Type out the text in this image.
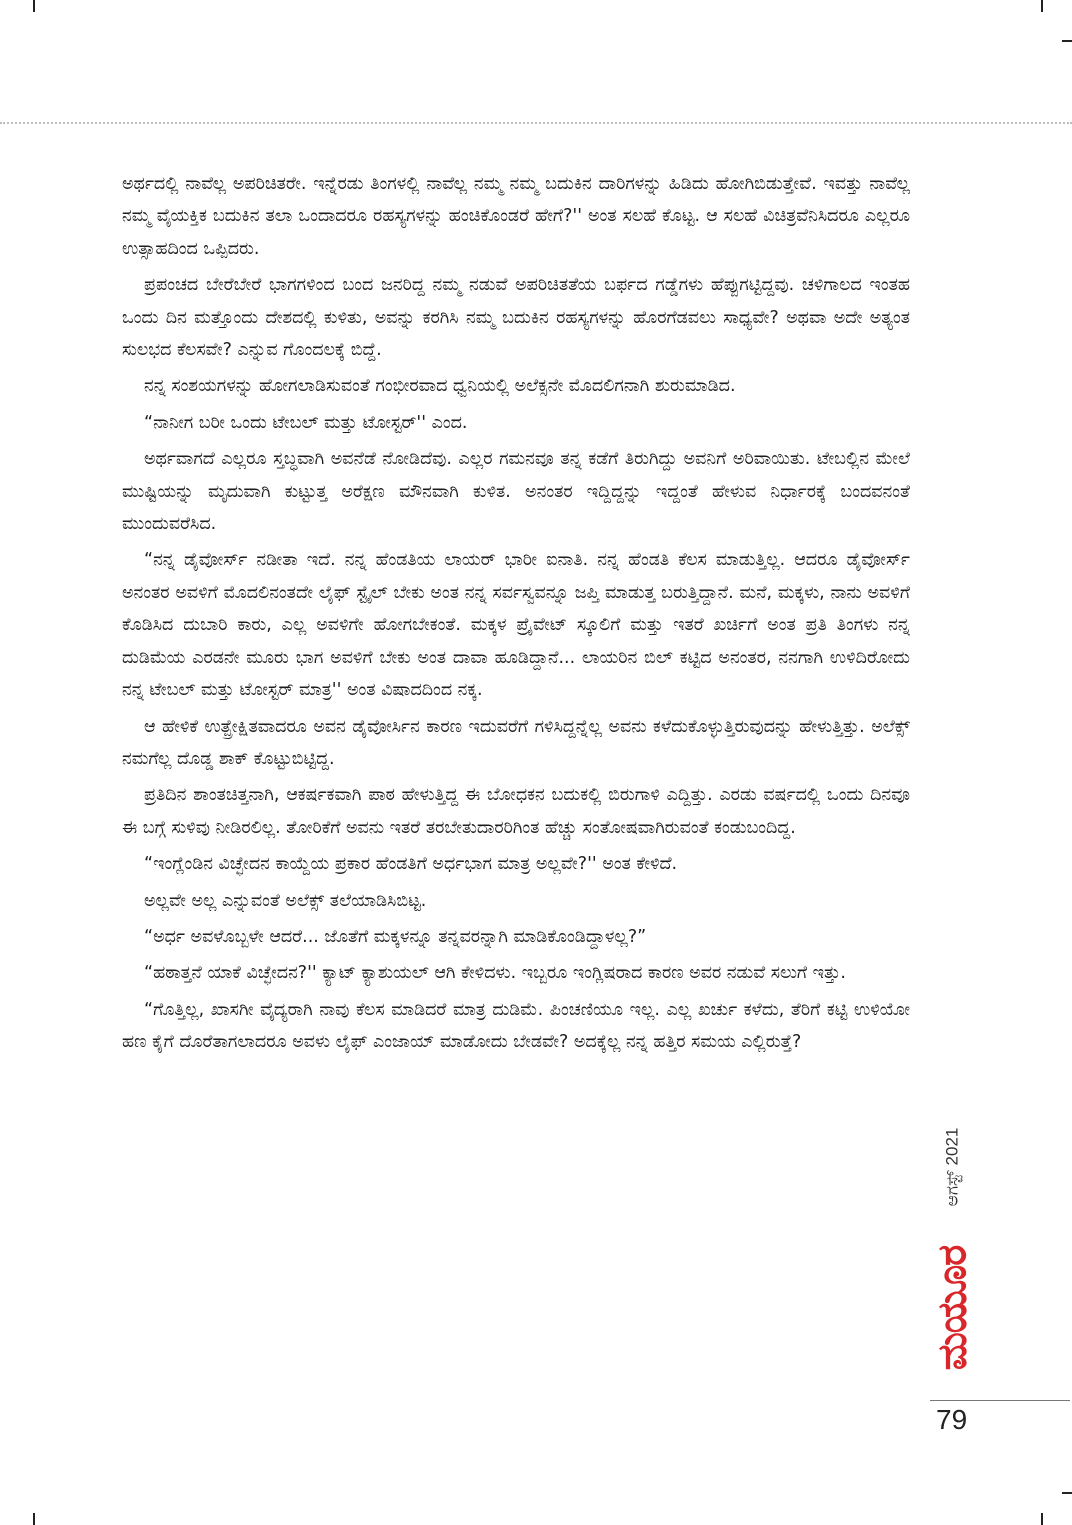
ಅರ್ಥದಲ್ಲಿ ನಾವೆಲ್ಲ ಅಪರಿಚಿತರೇ. ಇನ್ನೆರಡು ತಿಂಗಳಲ್ಲಿ ನಾವೆಲ್ಲ ನಮ್ಮ ನಮ್ಮ ಬದುಕಿನ ದಾರಿಗಳನ್ನು ಹಿಡಿದು ಹೋಗಿಬಿಡುತ್ತೇವೆ. ಇವತ್ತು ನಾವೆಲ್ಲ ನಮ್ಮ ವೈಯಕ್ತಿಕ ಬದುಕಿನ ತಲಾ ಒಂದಾದರೂ ರಹಸ್ಯಗಳನ್ನು ಹಂಚಿಕೊಂಡರೆ ಹೇಗೆ?'' ಅಂತ ಸಲಹೆ ಕೊಟ್ಟ. ಆ ಸಲಹೆ ವಿಚಿತ್ರವೆನಿಸಿದರೂ ಎಲ್ಲರೂ ಉತ್ಸಾಹದಿಂದ ಒಪ್ಪಿದರು.

ಪ್ರಪಂಚದ ಬೇರೆಬೇರೆ ಭಾಗಗಳಿಂದ ಬಂದ ಜನರಿದ್ದ ನಮ್ಮ ನಡುವೆ ಅಪರಿಚಿತತೆಯ ಬರ್ಫದ ಗಡ್ಡೆಗಳು ಹೆಪ್ಪುಗಟ್ಟಿದ್ದವು. ಚಳಿಗಾಲದ ಇಂತಹ ಒಂದು ದಿನ ಮತ್ತೊಂದು ದೇಶದಲ್ಲಿ ಕುಳಿತು, ಅವನ್ನು ಕರಗಿಸಿ ನಮ್ಮ ಬದುಕಿನ ರಹಸ್ಯಗಳನ್ನು ಹೊರಗೆಡವಲು ಸಾಧ್ಯವೇ? ಅಥವಾ ಅದೇ ಅತ್ಯಂತ ಸುಲಭದ ಕೆಲಸವೇ? ಎನ್ನುವ ಗೊಂದಲಕ್ಕೆ ಬಿದ್ದೆ.

ನನ್ನ ಸಂಶಯಗಳನ್ನು ಹೋಗಲಾಡಿಸುವಂತೆ ಗಂಭೀರವಾದ ಧ್ವನಿಯಲ್ಲಿ ಅಲೆಕ್ಸನೇ ಮೊದಲಿಗನಾಗಿ ಶುರುಮಾಡಿದ.

“ನಾನೀಗ ಬರೀ ಒಂದು ಟೇಬಲ್ ಮತ್ತು ಟೋಸ್ಟರ್'' ಎಂದ.

ಅರ್ಥವಾಗದೆ ಎಲ್ಲರೂ ಸ್ತಬ್ಧವಾಗಿ ಅವನೆಡೆ ನೋಡಿದೆವು. ಎಲ್ಲರ ಗಮನವೂ ತನ್ನ ಕಡೆಗೆ ತಿರುಗಿದ್ದು ಅವನಿಗೆ ಅರಿವಾಯಿತು. ಟೇಬಲ್ಲಿನ ಮೇಲೆ ಮುಷ್ಟಿಯನ್ನು ಮೃದುವಾಗಿ ಕುಟ್ಟುತ್ತ ಅರೆಕ್ಷಣ ಮೌನವಾಗಿ ಕುಳಿತ. ಅನಂತರ ಇದ್ದಿದ್ದನ್ನು ಇದ್ದಂತೆ ಹೇಳುವ ನಿರ್ಧಾರಕ್ಕೆ ಬಂದವನಂತೆ ಮುಂದುವರೆಸಿದ.

“ನನ್ನ ಡೈವೋರ್ಸ್ ನಡೀತಾ ಇದೆ. ನನ್ನ ಹೆಂಡತಿಯ ಲಾಯರ್ ಭಾರೀ ಐನಾತಿ. ನನ್ನ ಹೆಂಡತಿ ಕೆಲಸ ಮಾಡುತ್ತಿಲ್ಲ. ಆದರೂ ಡೈವೋರ್ಸ್ ಅನಂತರ ಅವಳಿಗೆ ಮೊದಲಿನಂತದೇ ಲೈಫ್ ಸ್ಟೈಲ್ ಬೇಕು ಅಂತ ನನ್ನ ಸರ್ವಸ್ವವನ್ನೂ ಜಪ್ತಿ ಮಾಡುತ್ತ ಬರುತ್ತಿದ್ದಾನೆ. ಮನೆ, ಮಕ್ಕಳು, ನಾನು ಅವಳಿಗೆ ಕೊಡಿಸಿದ ದುಬಾರಿ ಕಾರು, ಎಲ್ಲ ಅವಳಿಗೇ ಹೋಗಬೇಕಂತೆ. ಮಕ್ಕಳ ಪ್ರೈವೇಟ್ ಸ್ಕೂಲಿಗೆ ಮತ್ತು ಇತರೆ ಖರ್ಚಿಗೆ ಅಂತ ಪ್ರತಿ ತಿಂಗಳು ನನ್ನ ದುಡಿಮೆಯ ಎರಡನೇ ಮೂರು ಭಾಗ ಅವಳಿಗೆ ಬೇಕು ಅಂತ ದಾವಾ ಹೂಡಿದ್ದಾನೆ... ಲಾಯರಿನ ಬಿಲ್ ಕಟ್ಟಿದ ಅನಂತರ, ನನಗಾಗಿ ಉಳಿದಿರೋದು ನನ್ನ ಟೇಬಲ್ ಮತ್ತು ಟೋಸ್ಟರ್ ಮಾತ್ರ'' ಅಂತ ವಿಷಾದದಿಂದ ನಕ್ಕ.

ಆ ಹೇಳಿಕೆ ಉತ್ಪ್ರೇಕ್ಷಿತವಾದರೂ ಅವನ ಡೈವೋರ್ಸಿನ ಕಾರಣ ಇದುವರೆಗೆ ಗಳಿಸಿದ್ದನ್ನೆಲ್ಲ ಅವನು ಕಳೆದುಕೊಳ್ಳುತ್ತಿರುವುದನ್ನು ಹೇಳುತ್ತಿತ್ತು. ಅಲೆಕ್ಸ್ ನಮಗೆಲ್ಲ ದೊಡ್ಡ ಶಾಕ್ ಕೊಟ್ಟುಬಿಟ್ಟಿದ್ದ.

ಪ್ರತಿದಿನ ಶಾಂತಚಿತ್ತನಾಗಿ, ಆಕರ್ಷಕವಾಗಿ ಪಾಠ ಹೇಳುತ್ತಿದ್ದ ಈ ಬೋಧಕನ ಬದುಕಲ್ಲಿ ಬಿರುಗಾಳಿ ಎದ್ದಿತ್ತು. ಎರಡು ವರ್ಷದಲ್ಲಿ ಒಂದು ದಿನವೂ ಈ ಬಗ್ಗೆ ಸುಳಿವು ನೀಡಿರಲಿಲ್ಲ. ತೋರಿಕೆಗೆ ಅವನು ಇತರೆ ತರಬೇತುದಾರರಿಗಿಂತ ಹೆಚ್ಚು ಸಂತೋಷವಾಗಿರುವಂತೆ ಕಂಡುಬಂದಿದ್ದ.

“ಇಂಗ್ಲೆಂಡಿನ ವಿಚ್ಛೇದನ ಕಾಯ್ದೆಯ ಪ್ರಕಾರ ಹೆಂಡತಿಗೆ ಅರ್ಧಭಾಗ ಮಾತ್ರ ಅಲ್ಲವೇ?'' ಅಂತ ಕೇಳಿದೆ.

ಅಲ್ಲವೇ ಅಲ್ಲ ಎನ್ನುವಂತೆ ಅಲೆಕ್ಸ್ ತಲೆಯಾಡಿಸಿಬಿಟ್ಟ.

“ಅರ್ಧ ಅವಳೊಬ್ಬಳೇ ಆದರೆ... ಜೊತೆಗೆ ಮಕ್ಕಳನ್ನೂ ತನ್ನವರನ್ನಾಗಿ ಮಾಡಿಕೊಂಡಿದ್ದಾಳಲ್ಲ?”

“ಹಠಾತ್ತನೆ ಯಾಕೆ ವಿಚ್ಛೇದನ?'' ಕ್ಯಾಟ್ ಕ್ಯಾಶುಯಲ್ ಆಗಿ ಕೇಳಿದಳು. ಇಬ್ಬರೂ ಇಂಗ್ಲಿಷರಾದ ಕಾರಣ ಅವರ ನಡುವೆ ಸಲುಗೆ ಇತ್ತು.

“ಗೊತ್ತಿಲ್ಲ, ಖಾಸಗೀ ವೈದ್ಯರಾಗಿ ನಾವು ಕೆಲಸ ಮಾಡಿದರೆ ಮಾತ್ರ ದುಡಿಮೆ. ಪಿಂಚಣಿಯೂ ಇಲ್ಲ. ಎಲ್ಲ ಖರ್ಚು ಕಳೆದು, ತೆರಿಗೆ ಕಟ್ಟಿ ಉಳಿಯೋ ಹಣ ಕೈಗೆ ದೊರೆತಾಗಲಾದರೂ ಅವಳು ಲೈಫ್ ಎಂಜಾಯ್ ಮಾಡೋದು ಬೇಡವೇ? ಅದಕ್ಕೆಲ್ಲ ನನ್ನ ಹತ್ತಿರ ಸಮಯ ಎಲ್ಲಿರುತ್ತೆ?

ಆಗಸ್ಟ್ 2021
ಮಯೂರ
79
